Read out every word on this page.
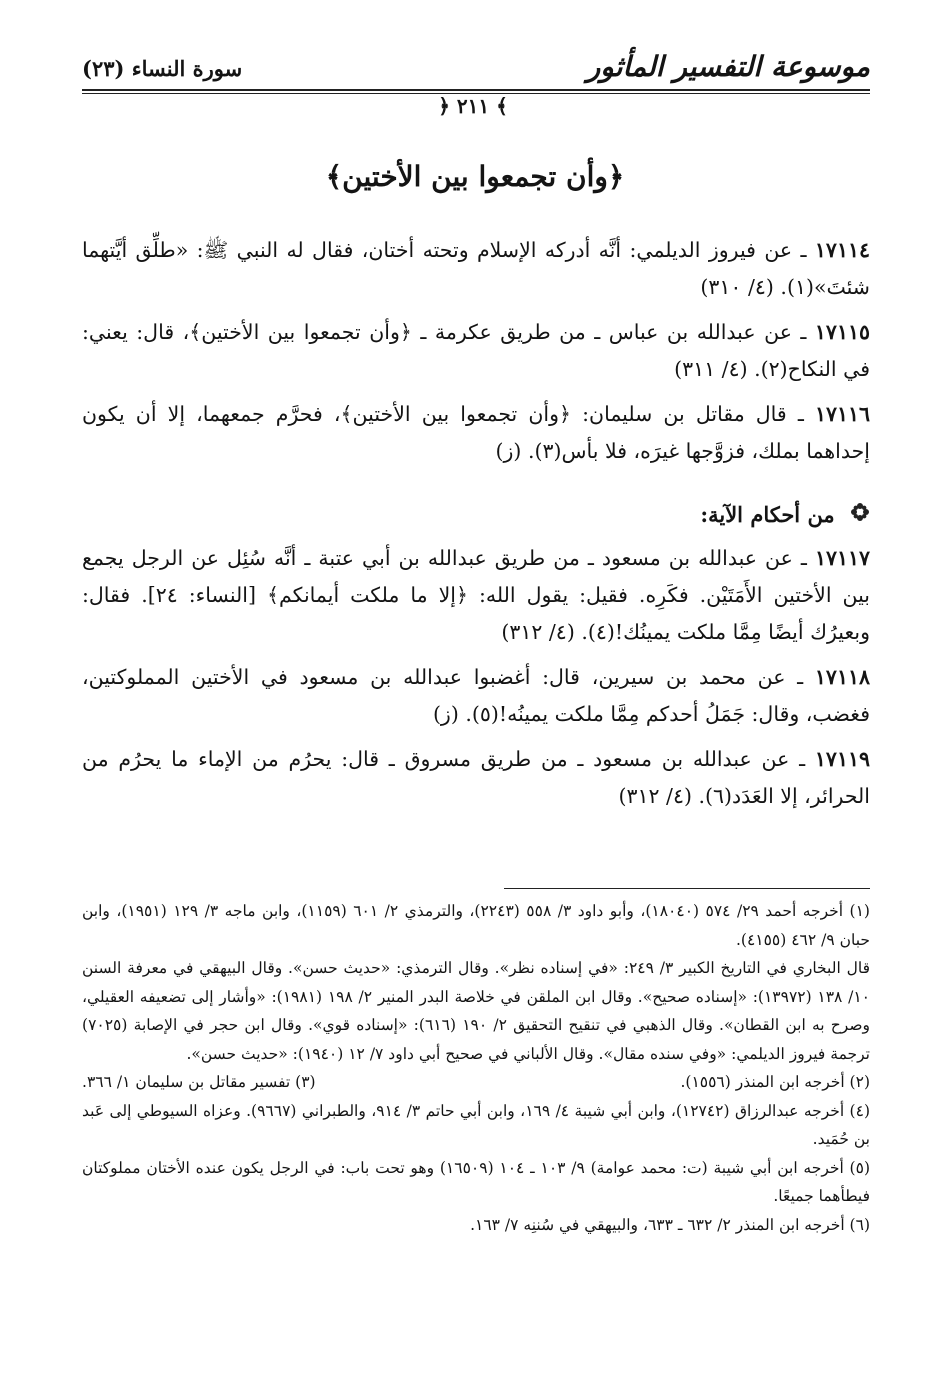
موسوعة التفسير المأثور
سورة النساء (٢٣)
﴾ ٢١١ ﴿
﴿وأن تجمعوا بين الأختين﴾

١٧١١٤ ـ عن فيروز الديلمي: أنَّه أدركه الإسلام وتحته أختان، فقال له النبي ﷺ: «طلِّق أيَّتهما شئتَ»(١). (٤/ ٣١٠)

١٧١١٥ ـ عن عبدالله بن عباس ـ من طريق عكرمة ـ ﴿وأن تجمعوا بين الأختين﴾، قال: يعني: في النكاح(٢). (٤/ ٣١١)

١٧١١٦ ـ قال مقاتل بن سليمان: ﴿وأن تجمعوا بين الأختين﴾، فحرَّم جمعهما، إلا أن يكون إحداهما بملك، فزوَّجها غيرَه، فلا بأس(٣). (ز)

من أحكام الآية:

١٧١١٧ ـ عن عبدالله بن مسعود ـ من طريق عبدالله بن أبي عتبة ـ أنَّه سُئِل عن الرجل يجمع بين الأختين الأَمَتَيْن. فكَرِه. فقيل: يقول الله: ﴿إلا ما ملكت أيمانكم﴾ [النساء: ٢٤]. فقال: وبعيرُك أيضًا مِمَّا ملكت يمينُك!(٤). (٤/ ٣١٢)

١٧١١٨ ـ عن محمد بن سيرين، قال: أغضبوا عبدالله بن مسعود في الأختين المملوكتين، فغضب، وقال: جَمَلُ أحدكم مِمَّا ملكت يمينُه!(٥). (ز)

١٧١١٩ ـ عن عبدالله بن مسعود ـ من طريق مسروق ـ قال: يحرُم من الإماء ما يحرُم من الحرائر، إلا العَدَد(٦). (٤/ ٣١٢)

(١) أخرجه أحمد ٢٩/ ٥٧٤ (١٨٠٤٠)، وأبو داود ٣/ ٥٥٨ (٢٢٤٣)، والترمذي ٢/ ٦٠١ (١١٥٩)، وابن ماجه ٣/ ١٢٩ (١٩٥١)، وابن حبان ٩/ ٤٦٢ (٤١٥٥).

قال البخاري في التاريخ الكبير ٣/ ٢٤٩: «في إسناده نظر». وقال الترمذي: «حديث حسن». وقال البيهقي في معرفة السنن ١٠/ ١٣٨ (١٣٩٧٢): «إسناده صحيح». وقال ابن الملقن في خلاصة البدر المنير ٢/ ١٩٨ (١٩٨١): «وأشار إلى تضعيفه العقيلي، وصرح به ابن القطان». وقال الذهبي في تنقيح التحقيق ٢/ ١٩٠ (٦١٦): «إسناده قوي». وقال ابن حجر في الإصابة (٧٠٢٥) ترجمة فيروز الديلمي: «وفي سنده مقال». وقال الألباني في صحيح أبي داود ٧/ ١٢ (١٩٤٠): «حديث حسن».

(٢) أخرجه ابن المنذر (١٥٥٦).
(٣) تفسير مقاتل بن سليمان ١/ ٣٦٦.

(٤) أخرجه عبدالرزاق (١٢٧٤٢)، وابن أبي شيبة ٤/ ١٦٩، وابن أبي حاتم ٣/ ٩١٤، والطبراني (٩٦٦٧). وعزاه السيوطي إلى عَبد بن حُمَيد.

(٥) أخرجه ابن أبي شيبة (ت: محمد عوامة) ٩/ ١٠٣ ـ ١٠٤ (١٦٥٠٩) وهو تحت باب: في الرجل يكون عنده الأختان مملوكتان فيطأهما جميعًا.

(٦) أخرجه ابن المنذر ٢/ ٦٣٢ ـ ٦٣٣، والبيهقي في سُننِه ٧/ ١٦٣.
